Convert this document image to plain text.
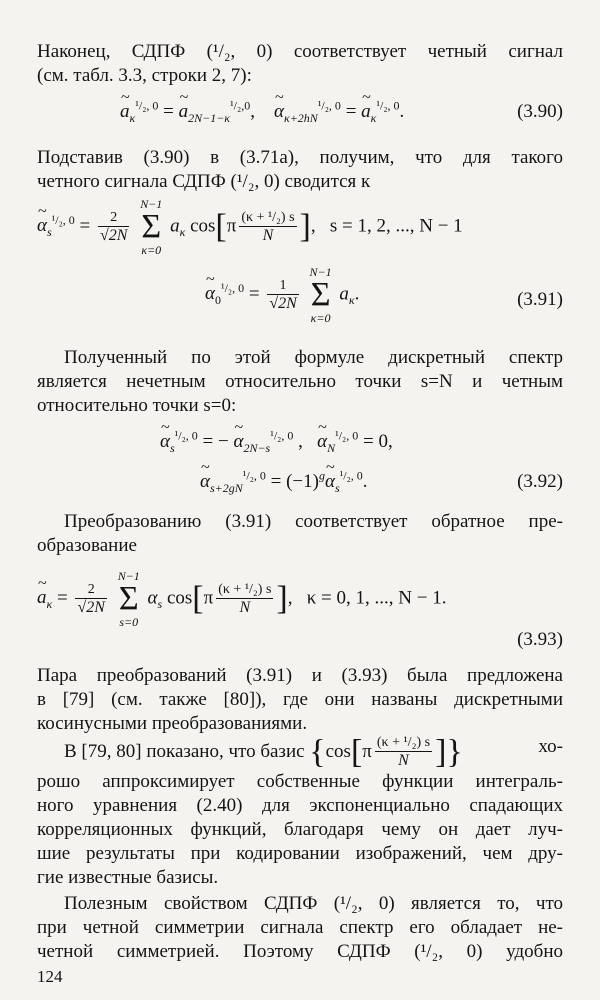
Наконец, СДПФ (¹/₂, 0) соответствует четный сигнал
(см. табл. 3.3, строки 2, 7):
~ $a_\kappa^{^1/_2, 0}$ = ~ $a_{2N-1-\kappa}^{^1/_2,0}$,    ~ $\alpha_{\kappa+2hN}^{^1/_2, 0}$ = ~ $a_\kappa^{^1/_2, 0}$.	(3.90)
Подставив (3.90) в (3.71а), получим, что для такого
четного сигнала СДПФ (¹/₂, 0) сводится к
~ $\alpha_s^{^1/_2, 0} = \frac{2}{√2N}$

N−1
Σ
κ=0
$a_\kappa$ $\cos[\pi \frac{\text{(κ + ¹/₂) s}}{N}$ ],   s = 1, 2, ..., N − 1
~ $\alpha_0^{^1/_2, 0} = \frac{1}{√2N}$

N−1
Σ
κ=0
$a_\kappa$.	(3.91)
Полученный по этой формуле дискретный спектр
является нечетным относительно точки s=N и четным
относительно точки s=0:
~ $\alpha_s^{^1/_2, 0}$ = − ~ $\alpha_{2N-s}^{^1/_2, 0}$ ,   ~ $\alpha_N^{^1/_2, 0} = 0$,
~ $\alpha_{s+2gN}^{^1/_2, 0}$ = $(-1)^g\sim$ $\alpha_s^{^1/_2, 0}$.	(3.92)
Преобразованию (3.91) соответствует обратное пре-
образование
~ $a_\kappa = \frac{2}{√2N}$

N−1
Σ
s=0
$\alpha_s$ $\cos[\pi \frac{\text{(κ + ¹/₂) s}}{N}$ ],   κ = 0, 1, ..., N − 1.
(3.93)
Пара преобразований (3.91) и (3.93) была предложена
в [79] (см. также [80]), где они названы дискретными
косинусными преобразованиями.
В [79, 80] показано, что базис {$\cos[\pi \frac{\text{(κ + ¹/₂) s}}{N}$ ]}	хо-
рошо аппроксимирует собственные функции интеграль-
ного уравнения (2.40) для экспоненциально спадающих
корреляционных функций, благодаря чему он дает луч-
шие результаты при кодировании изображений, чем дру-
гие известные базисы.
Полезным свойством СДПФ (¹/₂, 0) является то, что
при четной симметрии сигнала спектр его обладает не-
четной симметрией. Поэтому СДПФ (¹/₂, 0) удобно
124
